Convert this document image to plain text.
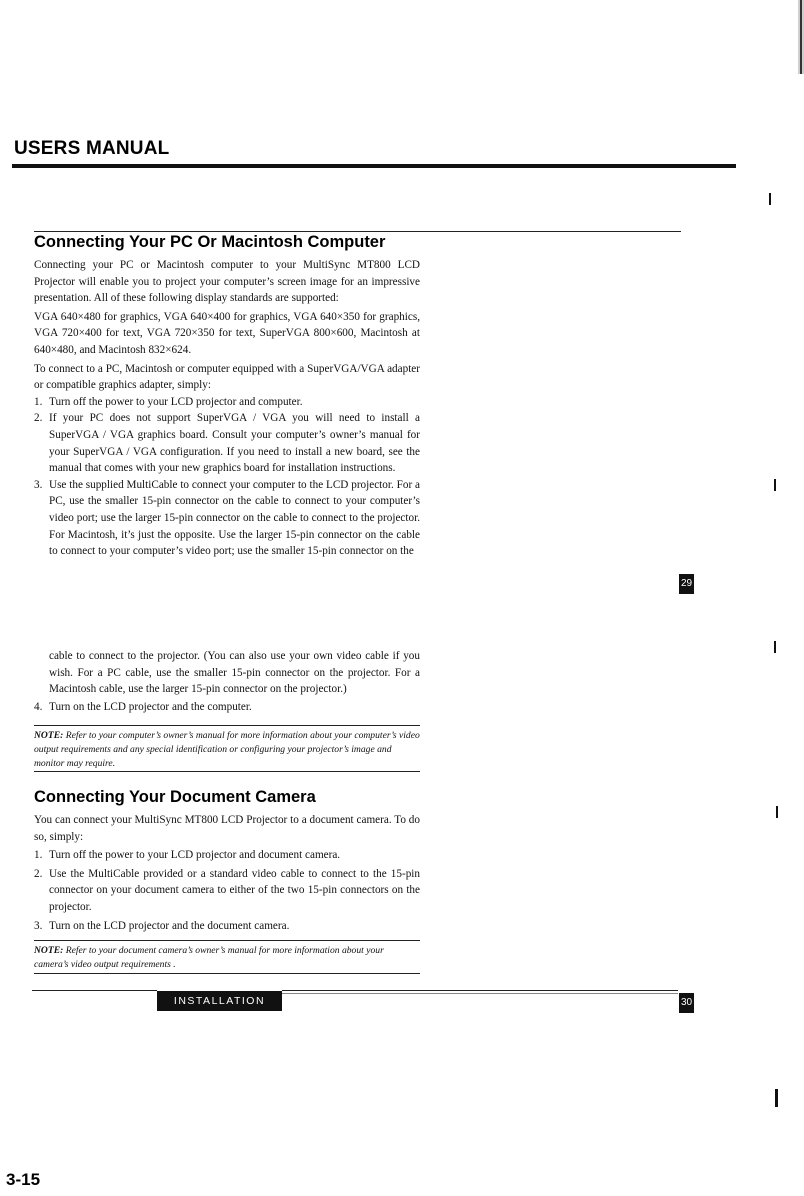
USERS MANUAL
Connecting Your PC Or Macintosh Computer

Connecting your PC or Macintosh computer to your MultiSync MT800 LCD Projector will enable you to project your computer’s screen image for an impressive presentation. All of these following display standards are supported:

VGA 640×480 for graphics, VGA 640×400 for graphics, VGA 640×350 for graphics, VGA 720×400 for text, VGA 720×350 for text, SuperVGA 800×600, Macintosh at 640×480, and Macintosh 832×624.

To connect to a PC, Macintosh or computer equipped with a SuperVGA/VGA adapter or compatible graphics adapter, simply:

1. Turn off the power to your LCD projector and computer.
2. If your PC does not support SuperVGA / VGA you will need to install a SuperVGA / VGA graphics board. Consult your computer’s owner’s manual for your SuperVGA / VGA configuration. If you need to install a new board, see the manual that comes with your new graphics board for installation instructions.
3. Use the supplied MultiCable to connect your computer to the LCD projector. For a PC, use the smaller 15-pin connector on the cable to connect to your computer’s video port; use the larger 15-pin connector on the cable to connect to the projector. For Macintosh, it’s just the opposite. Use the larger 15-pin connector on the cable to connect to your computer’s video port; use the smaller 15-pin connector on the
29
cable to connect to the projector. (You can also use your own video cable if you wish. For a PC cable, use the smaller 15-pin connector on the projector. For a Macintosh cable, use the larger 15-pin connector on the projector.)
4. Turn on the LCD projector and the computer.
NOTE: Refer to your computer’s owner’s manual for more information about your computer’s video output requirements and any special identification or configuring your projector’s image and monitor may require.
Connecting Your Document Camera

You can connect your MultiSync MT800 LCD Projector to a document camera. To do so, simply:

1. Turn off the power to your LCD projector and document camera.
2. Use the MultiCable provided or a standard video cable to connect to the 15-pin connector on your document camera to either of the two 15-pin connectors on the projector.
3. Turn on the LCD projector and the document camera.
NOTE: Refer to your document camera’s owner’s manual for more information about your camera’s video output requirements .
INSTALLATION	30
3-15
